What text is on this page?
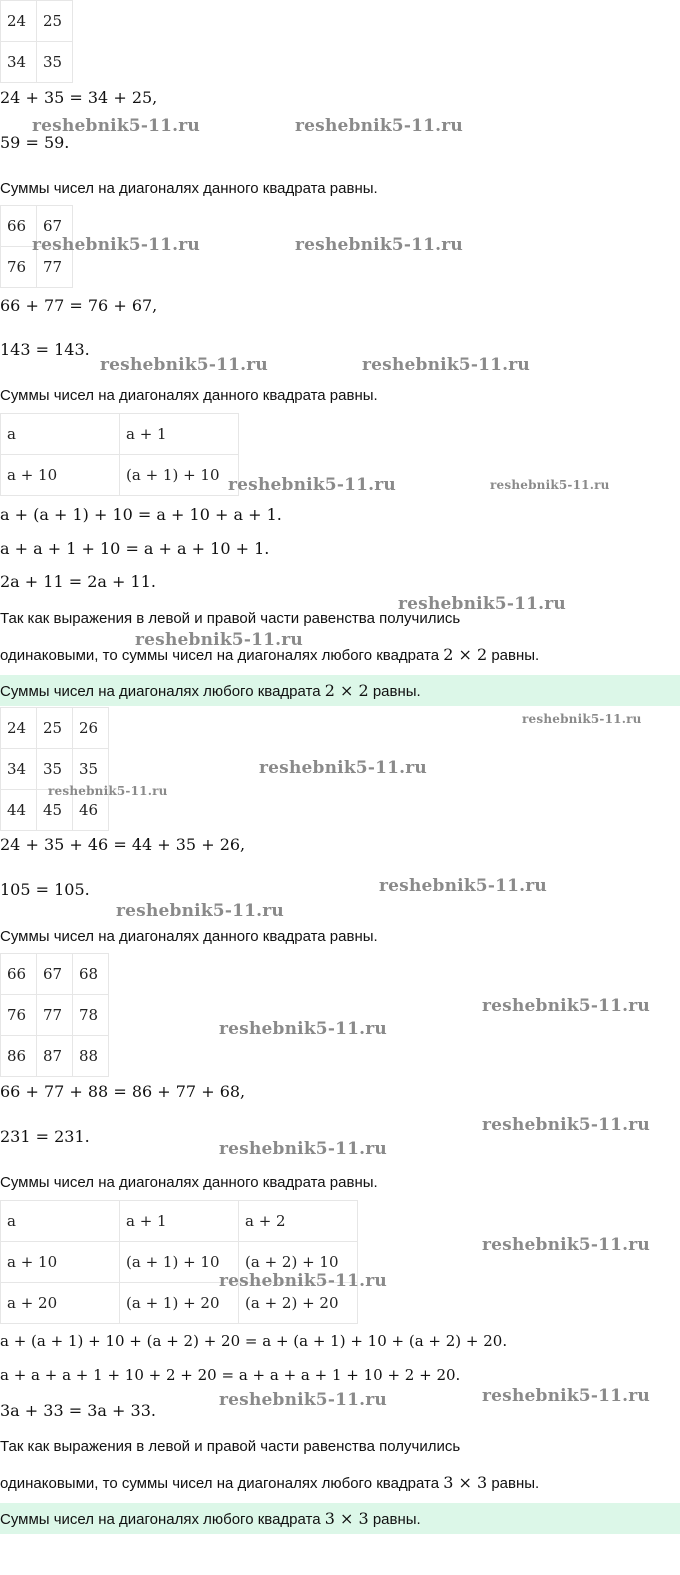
24	25
34	35
24 + 35 = 34 + 25,
59 = 59.
Суммы чисел на диагоналях данного квадрата равны.
66	67
76	77
66 + 77 = 76 + 67,
143 = 143.
Суммы чисел на диагоналях данного квадрата равны.
a	a + 1
a + 10	(a + 1) + 10
a + (a + 1) + 10 = a + 10 + a + 1.
a + a + 1 + 10 = a + a + 10 + 1.
2a + 11 = 2a + 11.
Так как выражения в левой и правой части равенства получились
одинаковыми, то суммы чисел на диагоналях любого квадрата 2 × 2 равны.
Суммы чисел на диагоналях любого квадрата 2 × 2 равны.
24	25	26
34	35	35
44	45	46
24 + 35 + 46 = 44 + 35 + 26,
105 = 105.
Суммы чисел на диагоналях данного квадрата равны.
66	67	68
76	77	78
86	87	88
66 + 77 + 88 = 86 + 77 + 68,
231 = 231.
Суммы чисел на диагоналях данного квадрата равны.
a	a + 1	a + 2
a + 10	(a + 1) + 10	(a + 2) + 10
a + 20	(a + 1) + 20	(a + 2) + 20
a + (a + 1) + 10 + (a + 2) + 20 = a + (a + 1) + 10 + (a + 2) + 20.
a + a + a + 1 + 10 + 2 + 20 = a + a + a + 1 + 10 + 2 + 20.
3a + 33 = 3a + 33.
Так как выражения в левой и правой части равенства получились
одинаковыми, то суммы чисел на диагоналях любого квадрата 3 × 3 равны.
Суммы чисел на диагоналях любого квадрата 3 × 3 равны.
reshebnik5-11.ru	reshebnik5-11.ru
reshebnik5-11.ru	reshebnik5-11.ru
reshebnik5-11.ru	reshebnik5-11.ru
reshebnik5-11.ru	reshebnik5-11.ru
reshebnik5-11.ru
reshebnik5-11.ru
reshebnik5-11.ru
reshebnik5-11.ru
reshebnik5-11.ru
reshebnik5-11.ru
reshebnik5-11.ru
reshebnik5-11.ru
reshebnik5-11.ru
reshebnik5-11.ru
reshebnik5-11.ru
reshebnik5-11.ru
reshebnik5-11.ru
reshebnik5-11.ru
reshebnik5-11.ru
